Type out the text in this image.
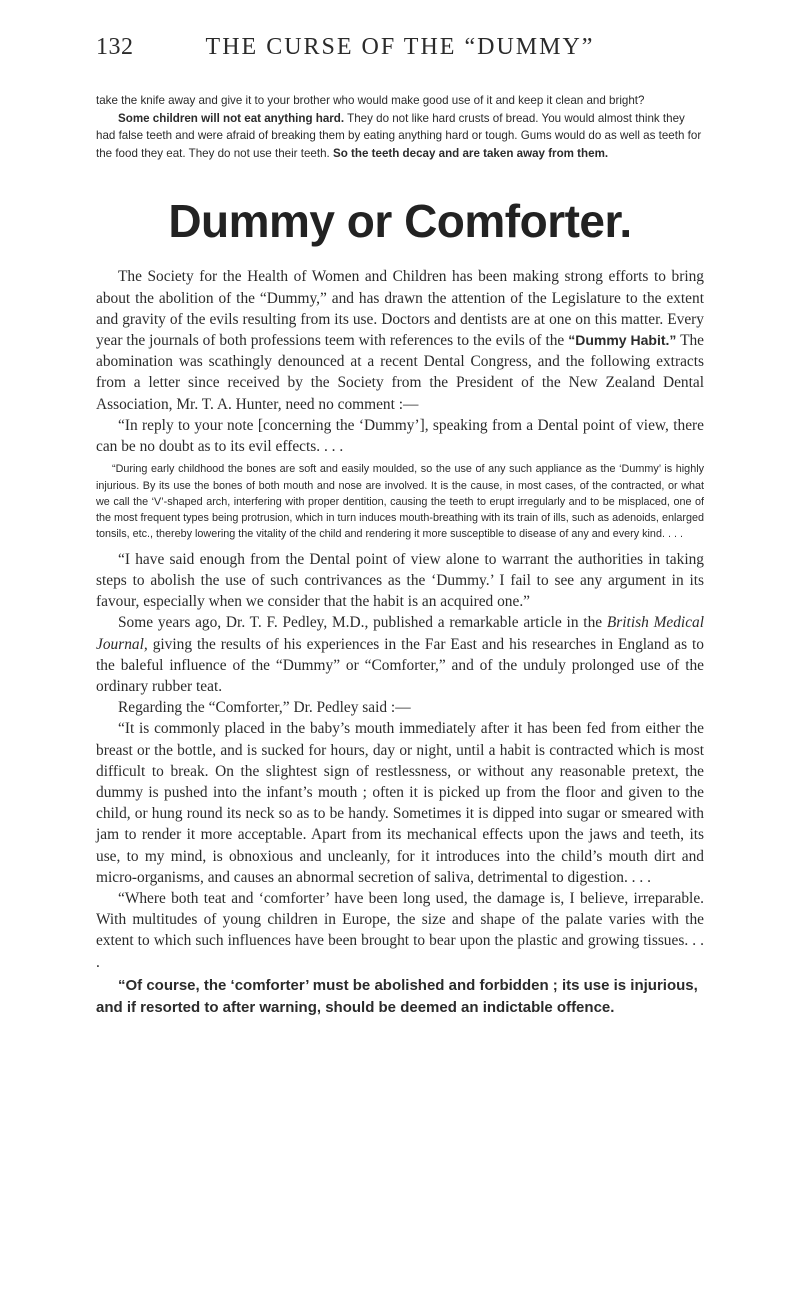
132	THE CURSE OF THE “DUMMY”

take the knife away and give it to your brother who would make good use of it and keep it clean and bright?

Some children will not eat anything hard. They do not like hard crusts of bread. You would almost think they had false teeth and were afraid of breaking them by eating anything hard or tough. Gums would do as well as teeth for the food they eat. They do not use their teeth. So the teeth decay and are taken away from them.

Dummy or Comforter.

The Society for the Health of Women and Children has been making strong efforts to bring about the abolition of the “Dummy,” and has drawn the attention of the Legislature to the extent and gravity of the evils resulting from its use. Doctors and dentists are at one on this matter. Every year the journals of both professions teem with references to the evils of the “Dummy Habit.” The abomination was scathingly denounced at a recent Dental Congress, and the following extracts from a letter since received by the Society from the President of the New Zealand Dental Association, Mr. T. A. Hunter, need no comment :—

“In reply to your note [concerning the ‘Dummy’], speaking from a Dental point of view, there can be no doubt as to its evil effects. . . .

“During early childhood the bones are soft and easily moulded, so the use of any such appliance as the ‘Dummy’ is highly injurious. By its use the bones of both mouth and nose are involved. It is the cause, in most cases, of the contracted, or what we call the ‘V’-shaped arch, interfering with proper dentition, causing the teeth to erupt irregularly and to be misplaced, one of the most frequent types being protrusion, which in turn induces mouth-breathing with its train of ills, such as adenoids, enlarged tonsils, etc., thereby lowering the vitality of the child and rendering it more susceptible to disease of any and every kind. . . .

“I have said enough from the Dental point of view alone to warrant the authorities in taking steps to abolish the use of such contrivances as the ‘Dummy.’ I fail to see any argument in its favour, especially when we consider that the habit is an acquired one.”

Some years ago, Dr. T. F. Pedley, M.D., published a remarkable article in the British Medical Journal, giving the results of his experiences in the Far East and his researches in England as to the baleful influence of the “Dummy” or “Comforter,” and of the unduly prolonged use of the ordinary rubber teat.

Regarding the “Comforter,” Dr. Pedley said :—

“It is commonly placed in the baby’s mouth immediately after it has been fed from either the breast or the bottle, and is sucked for hours, day or night, until a habit is contracted which is most difficult to break. On the slightest sign of restlessness, or without any reasonable pretext, the dummy is pushed into the infant’s mouth ; often it is picked up from the floor and given to the child, or hung round its neck so as to be handy. Sometimes it is dipped into sugar or smeared with jam to render it more acceptable. Apart from its mechanical effects upon the jaws and teeth, its use, to my mind, is obnoxious and uncleanly, for it introduces into the child’s mouth dirt and micro-organisms, and causes an abnormal secretion of saliva, detrimental to digestion. . . .

“Where both teat and ‘comforter’ have been long used, the damage is, I believe, irreparable. With multitudes of young children in Europe, the size and shape of the palate varies with the extent to which such influences have been brought to bear upon the plastic and growing tissues. . . .

“Of course, the ‘comforter’ must be abolished and forbidden ; its use is injurious, and if resorted to after warning, should be deemed an indictable offence.
